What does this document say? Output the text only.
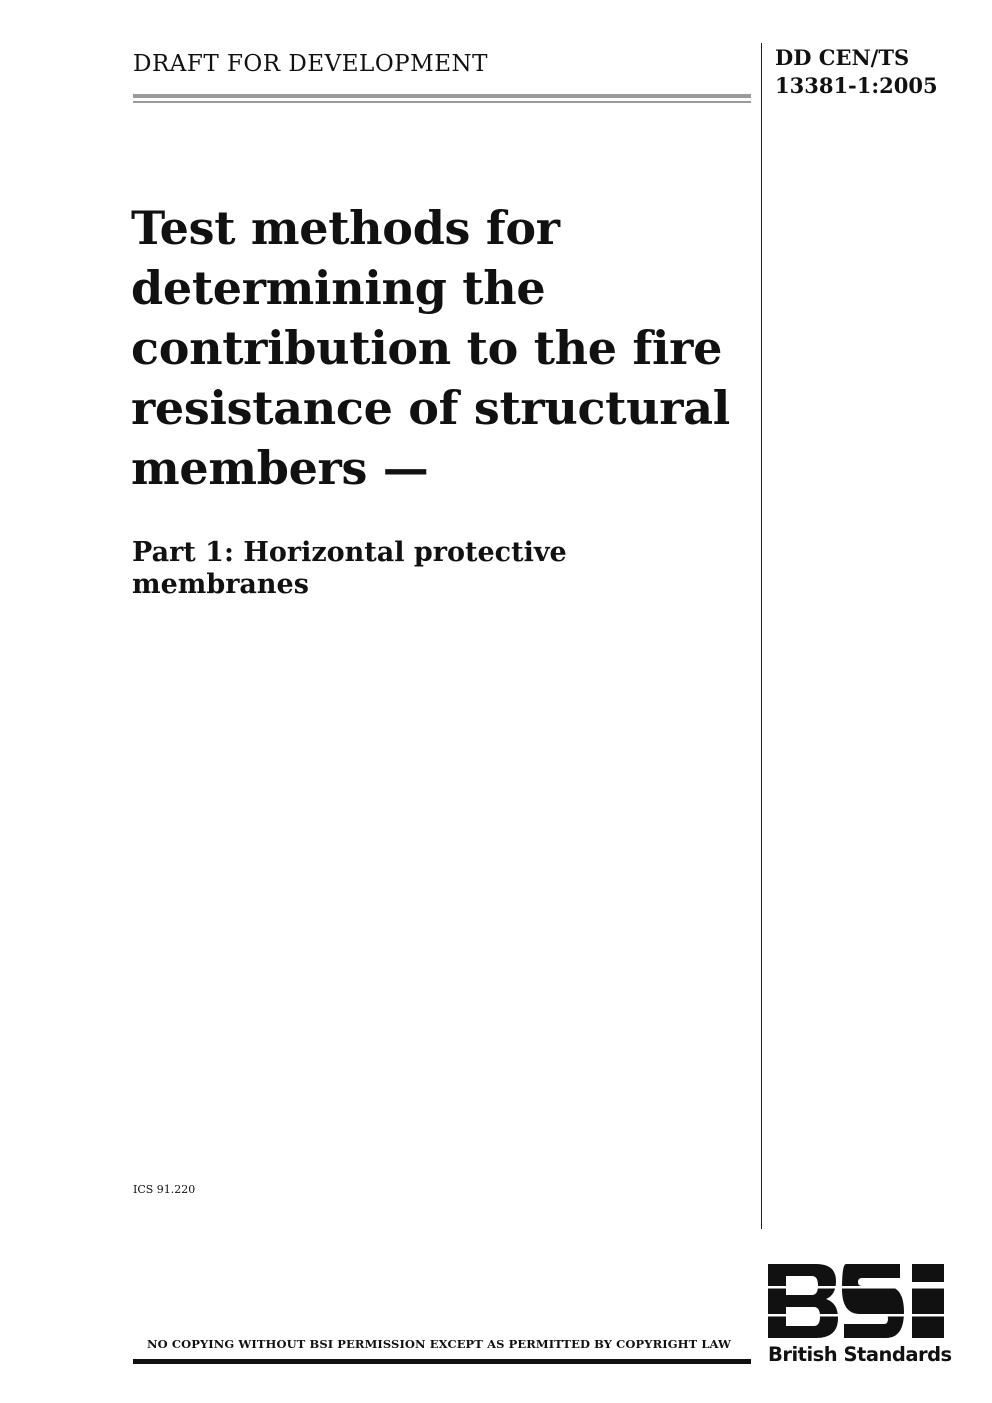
DRAFT FOR DEVELOPMENT	DD CEN/TS
13381-1:2005
Test methods for
determining the
contribution to the fire
resistance of structural
members —
Part 1: Horizontal protective
membranes
ICS 91.220
NO COPYING WITHOUT BSI PERMISSION EXCEPT AS PERMITTED BY COPYRIGHT LAW British Standards
